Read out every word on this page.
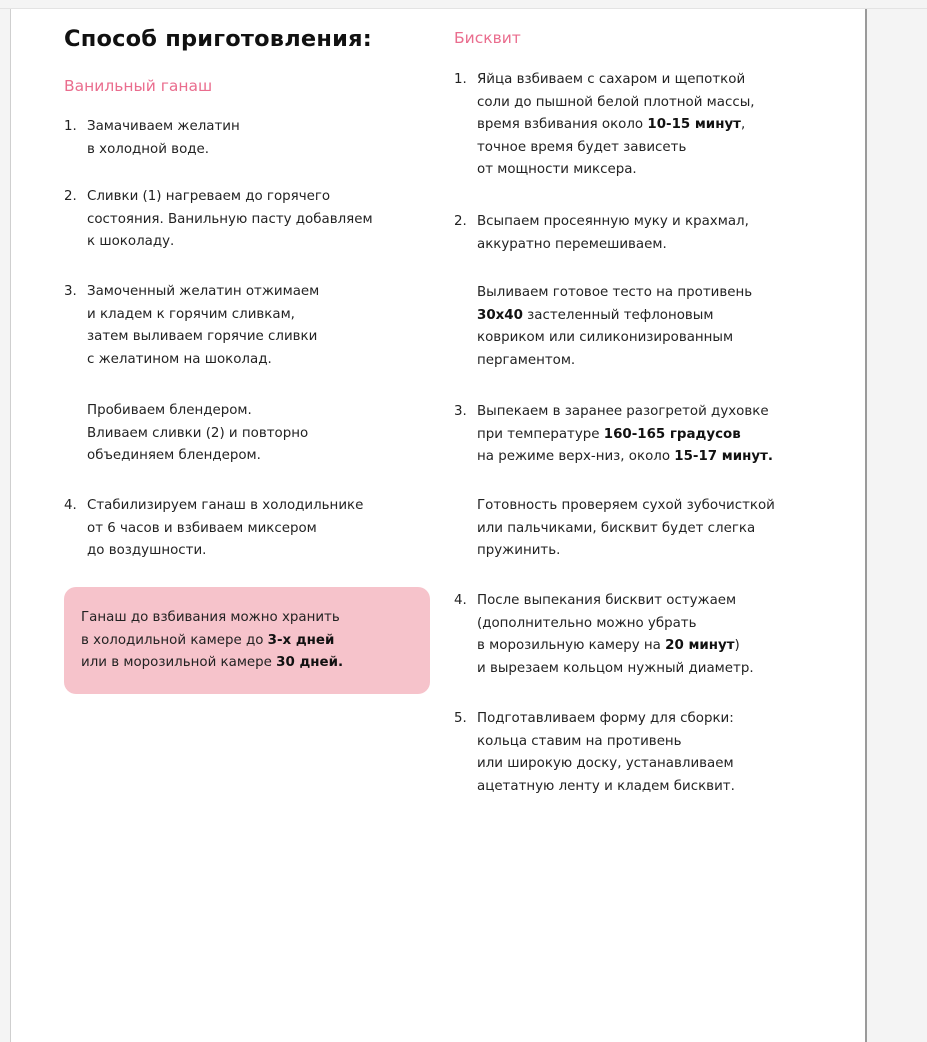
Способ приготовления:
Ванильный ганаш
1. Замачиваем желатин
в холодной воде.
2. Сливки (1) нагреваем до горячего
состояния. Ванильную пасту добавляем
к шоколаду.
3. Замоченный желатин отжимаем
и кладем к горячим сливкам,
затем выливаем горячие сливки
с желатином на шоколад.
Пробиваем блендером.
Вливаем сливки (2) и повторно
объединяем блендером.
4. Стабилизируем ганаш в холодильнике
от 6 часов и взбиваем миксером
до воздушности.
Ганаш до взбивания можно хранить
в холодильной камере до 3-х дней
или в морозильной камере 30 дней.
Бисквит
1. Яйца взбиваем с сахаром и щепоткой
соли до пышной белой плотной массы,
время взбивания около 10-15 минут,
точное время будет зависеть
от мощности миксера.
2. Всыпаем просеянную муку и крахмал,
аккуратно перемешиваем.
Выливаем готовое тесто на противень
30х40 застеленный тефлоновым
ковриком или силиконизированным
пергаментом.
3. Выпекаем в заранее разогретой духовке
при температуре 160-165 градусов
на режиме верх-низ, около 15-17 минут.
Готовность проверяем сухой зубочисткой
или пальчиками, бисквит будет слегка
пружинить.
4. После выпекания бисквит остужаем
(дополнительно можно убрать
в морозильную камеру на 20 минут)
и вырезаем кольцом нужный диаметр.
5. Подготавливаем форму для сборки:
кольца ставим на противень
или широкую доску, устанавливаем
ацетатную ленту и кладем бисквит.
